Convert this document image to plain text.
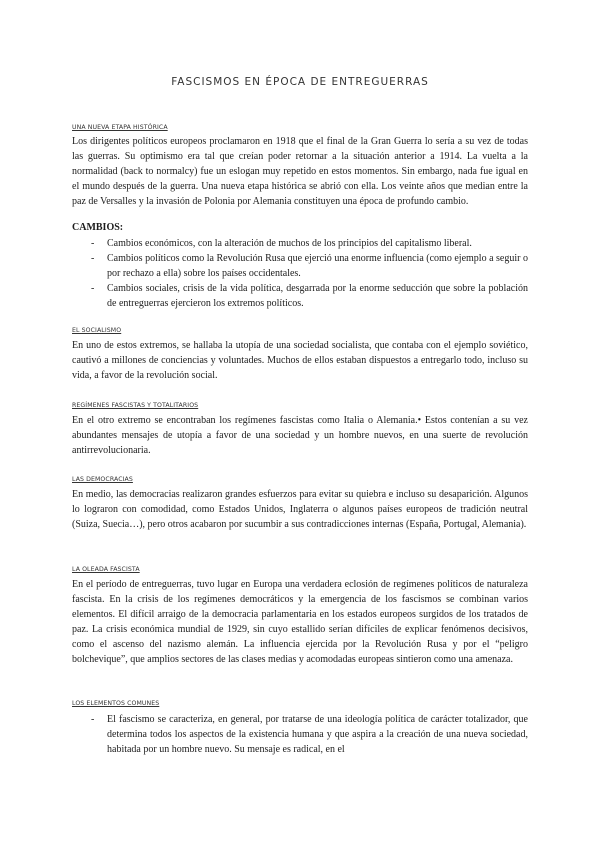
FASCISMOS EN ÉPOCA DE ENTREGUERRAS
UNA NUEVA ETAPA HISTÓRICA

Los dirigentes políticos europeos proclamaron en 1918 que el final de la Gran Guerra lo sería a su vez de todas las guerras. Su optimismo era tal que creían poder retornar a la situación anterior a 1914. La vuelta a la normalidad (back to normalcy) fue un eslogan muy repetido en estos momentos. Sin embargo, nada fue igual en el mundo después de la guerra. Una nueva etapa histórica se abrió con ella. Los veinte años que median entre la paz de Versalles y la invasión de Polonia por Alemania constituyen una época de profundo cambio.

CAMBIOS:
- Cambios económicos, con la alteración de muchos de los principios del capitalismo liberal.
- Cambios políticos como la Revolución Rusa que ejerció una enorme influencia (como ejemplo a seguir o por rechazo a ella) sobre los países occidentales.
- Cambios sociales, crisis de la vida política, desgarrada por la enorme seducción que sobre la población de entreguerras ejercieron los extremos políticos.
EL SOCIALISMO

En uno de estos extremos, se hallaba la utopía de una sociedad socialista, que contaba con el ejemplo soviético, cautivó a millones de conciencias y voluntades. Muchos de ellos estaban dispuestos a entregarlo todo, incluso su vida, a favor de la revolución social.

REGÍMENES FASCISTAS Y TOTALITARIOS

En el otro extremo se encontraban los regímenes fascistas como Italia o Alemania.• Estos contenían a su vez abundantes mensajes de utopía a favor de una sociedad y un hombre nuevos, en una suerte de revolución antirrevolucionaria.

LAS DEMOCRACIAS

En medio, las democracias realizaron grandes esfuerzos para evitar su quiebra e incluso su desaparición. Algunos lo lograron con comodidad, como Estados Unidos, Inglaterra o algunos países europeos de tradición neutral (Suiza, Suecia…), pero otros acabaron por sucumbir a sus contradicciones internas (España, Portugal, Alemania).

LA OLEADA FASCISTA

En el período de entreguerras, tuvo lugar en Europa una verdadera eclosión de regímenes políticos de naturaleza fascista. En la crisis de los regímenes democráticos y la emergencia de los fascismos se combinan varios elementos. El difícil arraigo de la democracia parlamentaria en los estados europeos surgidos de los tratados de paz. La crisis económica mundial de 1929, sin cuyo estallido serían difíciles de explicar fenómenos decisivos, como el ascenso del nazismo alemán. La influencia ejercida por la Revolución Rusa y por el “peligro bolchevique”, que amplios sectores de las clases medias y acomodadas europeas sintieron como una amenaza.

LOS ELEMENTOS COMUNES
- El fascismo se caracteriza, en general, por tratarse de una ideología política de carácter totalizador, que determina todos los aspectos de la existencia humana y que aspira a la creación de una nueva sociedad, habitada por un hombre nuevo. Su mensaje es radical, en el
